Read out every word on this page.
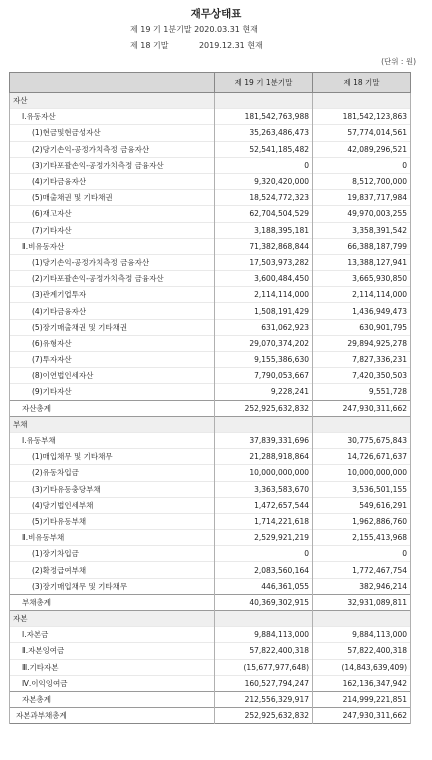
재무상태표
제 19 기 1분기말 2020.03.31 현재
제 18 기말	2019.12.31 현재
(단위 : 원)
	제 19 기 1분기말	제 18 기말
자산		
Ⅰ.유동자산	181,542,763,988	181,542,123,863
(1)현금및현금성자산	35,263,486,473	57,774,014,561
(2)당기손익-공정가치측정 금융자산	52,541,185,482	42,089,296,521
(3)기타포괄손익-공정가치측정 금융자산	0	0
(4)기타금융자산	9,320,420,000	8,512,700,000
(5)매출채권 및 기타채권	18,524,772,323	19,837,717,984
(6)재고자산	62,704,504,529	49,970,003,255
(7)기타자산	3,188,395,181	3,358,391,542
Ⅱ.비유동자산	71,382,868,844	66,388,187,799
(1)당기손익-공정가치측정 금융자산	17,503,973,282	13,388,127,941
(2)기타포괄손익-공정가치측정 금융자산	3,600,484,450	3,665,930,850
(3)관계기업투자	2,114,114,000	2,114,114,000
(4)기타금융자산	1,508,191,429	1,436,949,473
(5)장기매출채권 및 기타채권	631,062,923	630,901,795
(6)유형자산	29,070,374,202	29,894,925,278
(7)투자자산	9,155,386,630	7,827,336,231
(8)이연법인세자산	7,790,053,667	7,420,350,503
(9)기타자산	9,228,241	9,551,728
자산총계	252,925,632,832	247,930,311,662
부채		
Ⅰ.유동부채	37,839,331,696	30,775,675,843
(1)매입채무 및 기타채무	21,288,918,864	14,726,671,637
(2)유동차입금	10,000,000,000	10,000,000,000
(3)기타유동충당부채	3,363,583,670	3,536,501,155
(4)당기법인세부채	1,472,657,544	549,616,291
(5)기타유동부채	1,714,221,618	1,962,886,760
Ⅱ.비유동부채	2,529,921,219	2,155,413,968
(1)장기차입금	0	0
(2)확정급여부채	2,083,560,164	1,772,467,754
(3)장기매입채무 및 기타채무	446,361,055	382,946,214
부채총계	40,369,302,915	32,931,089,811
자본		
Ⅰ.자본금	9,884,113,000	9,884,113,000
Ⅱ.자본잉여금	57,822,400,318	57,822,400,318
Ⅲ.기타자본	(15,677,977,648)	(14,843,639,409)
Ⅳ.이익잉여금	160,527,794,247	162,136,347,942
자본총계	212,556,329,917	214,999,221,851
자본과부채총계	252,925,632,832	247,930,311,662
